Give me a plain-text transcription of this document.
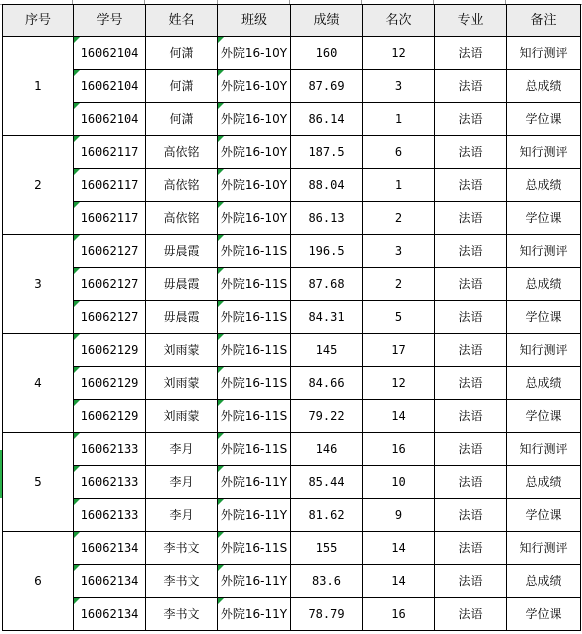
序号	学号	姓名	班级	成绩	名次	专业	备注
1	16062104	何潇	外院16-10Y	160	12	法语	知行测评
	16062104	何潇	外院16-10Y	87.69	3	法语	总成绩
	16062104	何潇	外院16-10Y	86.14	1	法语	学位课
2	16062117	高依铭	外院16-10Y	187.5	6	法语	知行测评
	16062117	高依铭	外院16-10Y	88.04	1	法语	总成绩
	16062117	高依铭	外院16-10Y	86.13	2	法语	学位课
3	16062127	毋晨霞	外院16-11S	196.5	3	法语	知行测评
	16062127	毋晨霞	外院16-11S	87.68	2	法语	总成绩
	16062127	毋晨霞	外院16-11S	84.31	5	法语	学位课
4	16062129	刘雨蒙	外院16-11S	145	17	法语	知行测评
	16062129	刘雨蒙	外院16-11S	84.66	12	法语	总成绩
	16062129	刘雨蒙	外院16-11S	79.22	14	法语	学位课
5	16062133	李月	外院16-11S	146	16	法语	知行测评
	16062133	李月	外院16-11Y	85.44	10	法语	总成绩
	16062133	李月	外院16-11Y	81.62	9	法语	学位课
6	16062134	李书文	外院16-11S	155	14	法语	知行测评
	16062134	李书文	外院16-11Y	83.6	14	法语	总成绩
	16062134	李书文	外院16-11Y	78.79	16	法语	学位课
